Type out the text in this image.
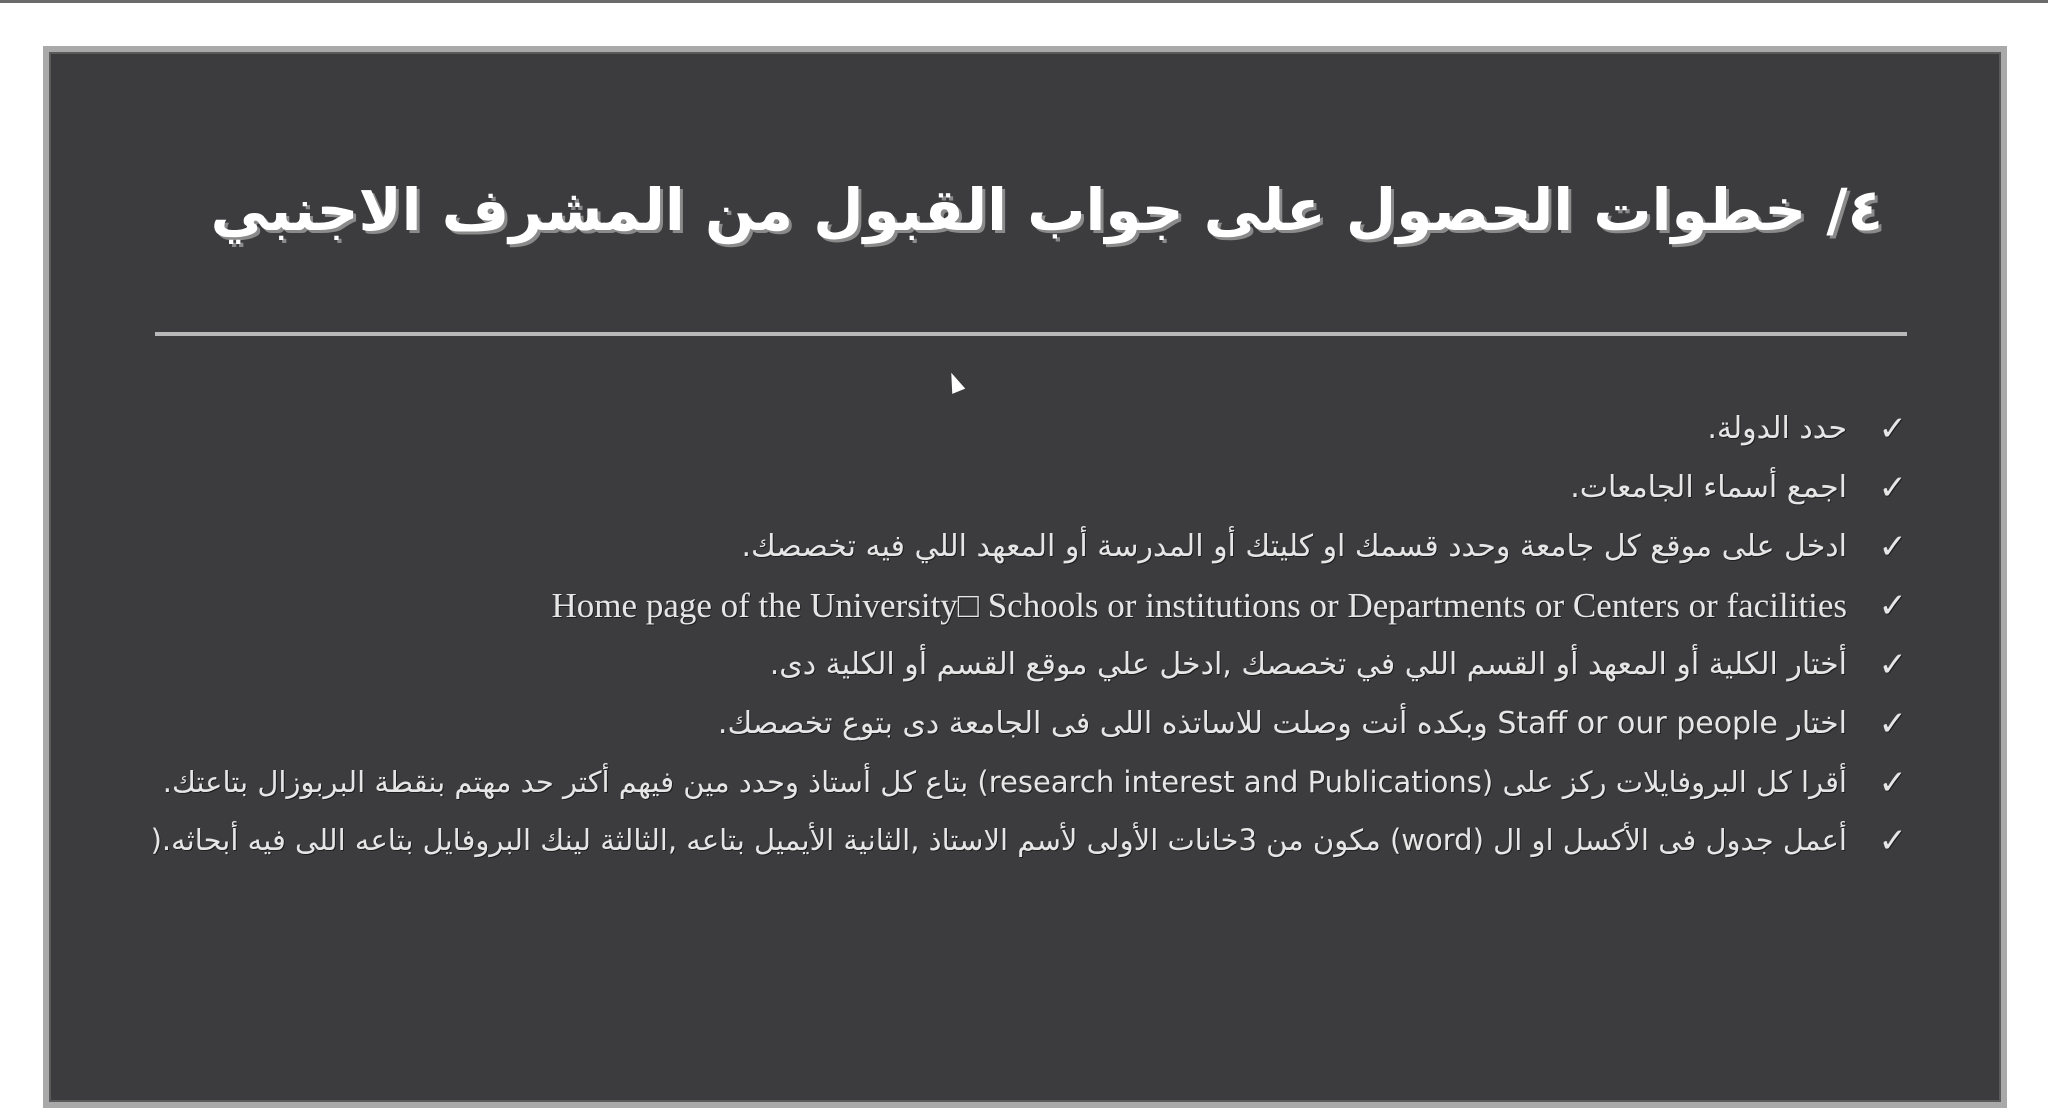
٤/ خطوات الحصول على جواب القبول من المشرف الاجنبي
✓
حدد الدولة.
✓
اجمع أسماء الجامعات.
✓
ادخل على موقع كل جامعة وحدد قسمك او كليتك أو المدرسة أو المعهد اللي فيه تخصصك.
✓
Home page of the University□ Schools or institutions or Departments or Centers or facilities
✓
أختار الكلية أو المعهد أو القسم اللي في تخصصك ,ادخل علي موقع القسم أو الكلية دى.
✓
اختار Staff or our people وبكده أنت وصلت للاساتذه اللى فى الجامعة دى بتوع تخصصك.
✓
أقرا كل البروفايلات ركز على (research interest and Publications) بتاع كل أستاذ وحدد مين فيهم أكتر حد مهتم بنقطة البربوزال بتاعتك.
✓
أعمل جدول فى الأكسل او ال (word) مكون من 3خانات الأولى لأسم الاستاذ ,الثانية الأيميل بتاعه ,الثالثة لينك البروفايل بتاعه اللى فيه أبحاثه.(
